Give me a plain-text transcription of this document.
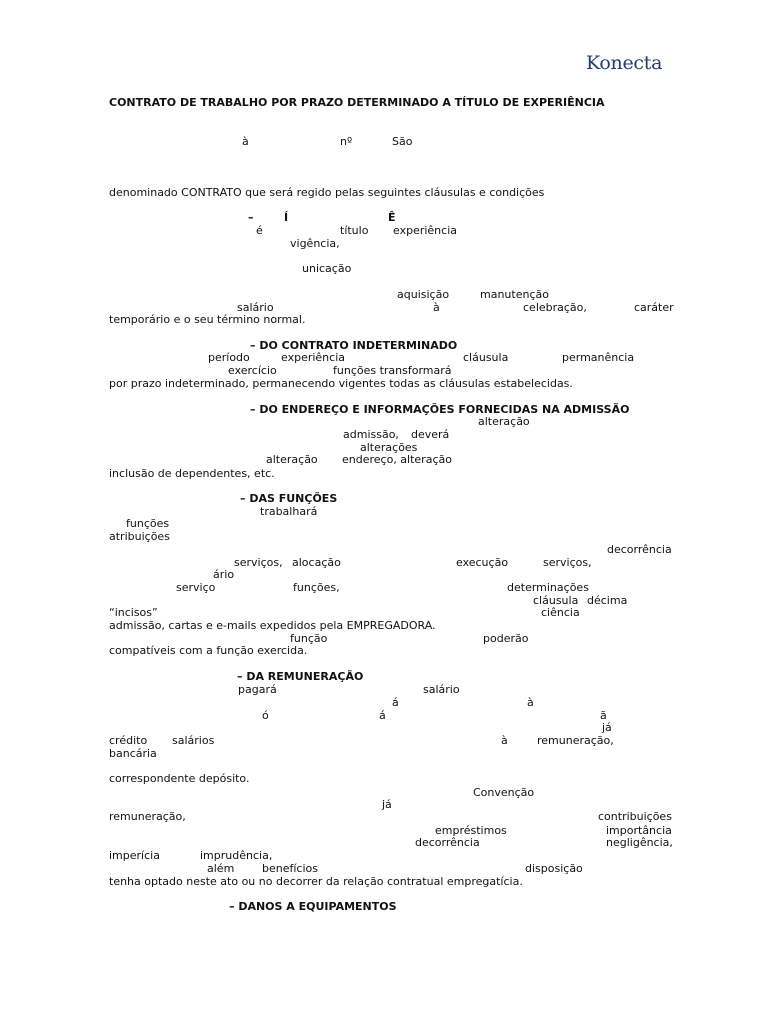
Konecta
CONTRATO DE TRABALHO POR PRAZO DETERMINADO A TÍTULO DE EXPERIÊNCIA
à	nº	São
denominado CONTRATO que será regido pelas seguintes cláusulas e condições
–	Í	Ê
é	título experiência
vigência,
unicação
aquisição	manutenção
salário	à	celebração,	caráter
temporário e o seu término normal.
– DO CONTRATO INDETERMINADO
período	experiência	cláusula	permanência
exercício	funções transformará
por prazo indeterminado, permanecendo vigentes todas as cláusulas estabelecidas.
– DO ENDEREÇO E INFORMAÇÕES FORNECIDAS NA ADMISSÃO
alteração
admissão, deverá
alterações
alteração endereço, alteração
inclusão de dependentes, etc.
– DAS FUNÇÕES
trabalhará
funções
atribuições
decorrência
serviços, alocação	execução	serviços,
ário
serviço	funções,	determinações
cláusula décima
“incisos”	ciência
admissão, cartas e e-mails expedidos pela EMPREGADORA.
função	poderão
compatíveis com a função exercida.
– DA REMUNERAÇÃO
pagará	salário
á	à
ó	á	ã
já
crédito salários	à	remuneração,
bancária
correspondente depósito.
Convenção
já
remuneração,	contribuições
empréstimos	importância
decorrência	negligência,
imperícia	imprudência,
além	benefícios	disposição
tenha optado neste ato ou no decorrer da relação contratual empregatícia.
– DANOS A EQUIPAMENTOS
